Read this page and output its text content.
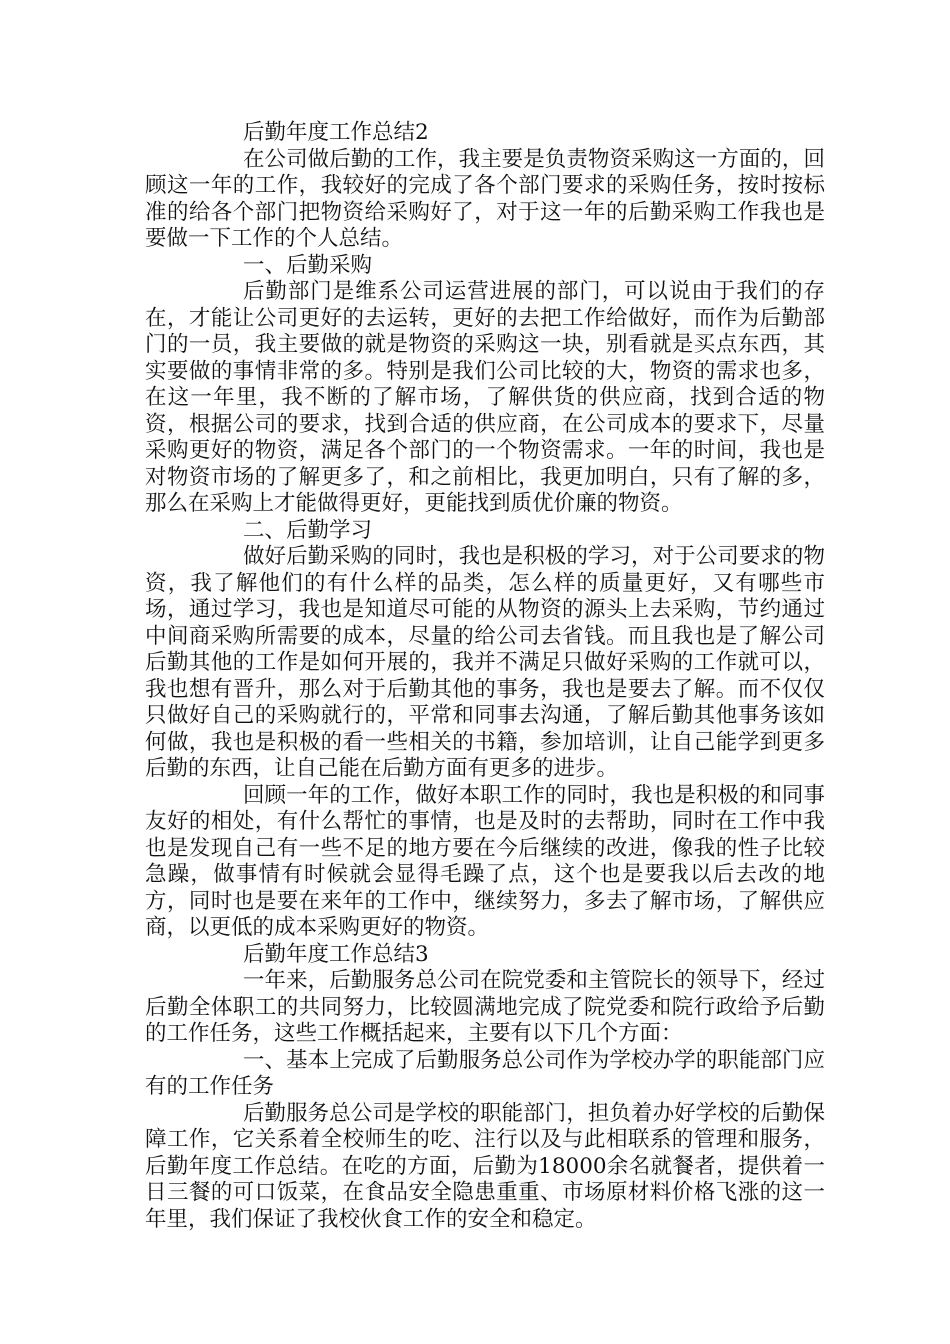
后勤年度工作总结2

在公司做后勤的工作，我主要是负责物资采购这一方面的，回顾这一年的工作，我较好的完成了各个部门要求的采购任务，按时按标准的给各个部门把物资给采购好了，对于这一年的后勤采购工作我也是要做一下工作的个人总结。

一、后勤采购

后勤部门是维系公司运营进展的部门，可以说由于我们的存在，才能让公司更好的去运转，更好的去把工作给做好，而作为后勤部门的一员，我主要做的就是物资的采购这一块，别看就是买点东西，其实要做的事情非常的多。特别是我们公司比较的大，物资的需求也多，在这一年里，我不断的了解市场，了解供货的供应商，找到合适的物资，根据公司的要求，找到合适的供应商，在公司成本的要求下，尽量采购更好的物资，满足各个部门的一个物资需求。一年的时间，我也是对物资市场的了解更多了，和之前相比，我更加明白，只有了解的多，那么在采购上才能做得更好，更能找到质优价廉的物资。

二、后勤学习

做好后勤采购的同时，我也是积极的学习，对于公司要求的物资，我了解他们的有什么样的品类，怎么样的质量更好，又有哪些市场，通过学习，我也是知道尽可能的从物资的源头上去采购，节约通过中间商采购所需要的成本，尽量的给公司去省钱。而且我也是了解公司后勤其他的工作是如何开展的，我并不满足只做好采购的工作就可以，我也想有晋升，那么对于后勤其他的事务，我也是要去了解。而不仅仅只做好自己的采购就行的，平常和同事去沟通，了解后勤其他事务该如何做，我也是积极的看一些相关的书籍，参加培训，让自己能学到更多后勤的东西，让自己能在后勤方面有更多的进步。

回顾一年的工作，做好本职工作的同时，我也是积极的和同事友好的相处，有什么帮忙的事情，也是及时的去帮助，同时在工作中我也是发现自己有一些不足的地方要在今后继续的改进，像我的性子比较急躁，做事情有时候就会显得毛躁了点，这个也是要我以后去改的地方，同时也是要在来年的工作中，继续努力，多去了解市场，了解供应商，以更低的成本采购更好的物资。

后勤年度工作总结3

一年来，后勤服务总公司在院党委和主管院长的领导下，经过后勤全体职工的共同努力，比较圆满地完成了院党委和院行政给予后勤的工作任务，这些工作概括起来，主要有以下几个方面：

一、基本上完成了后勤服务总公司作为学校办学的职能部门应有的工作任务

后勤服务总公司是学校的职能部门，担负着办好学校的后勤保障工作，它关系着全校师生的吃、注行以及与此相联系的管理和服务，后勤年度工作总结。在吃的方面，后勤为18000余名就餐者，提供着一日三餐的可口饭菜，在食品安全隐患重重、市场原材料价格飞涨的这一年里，我们保证了我校伙食工作的安全和稳定。
